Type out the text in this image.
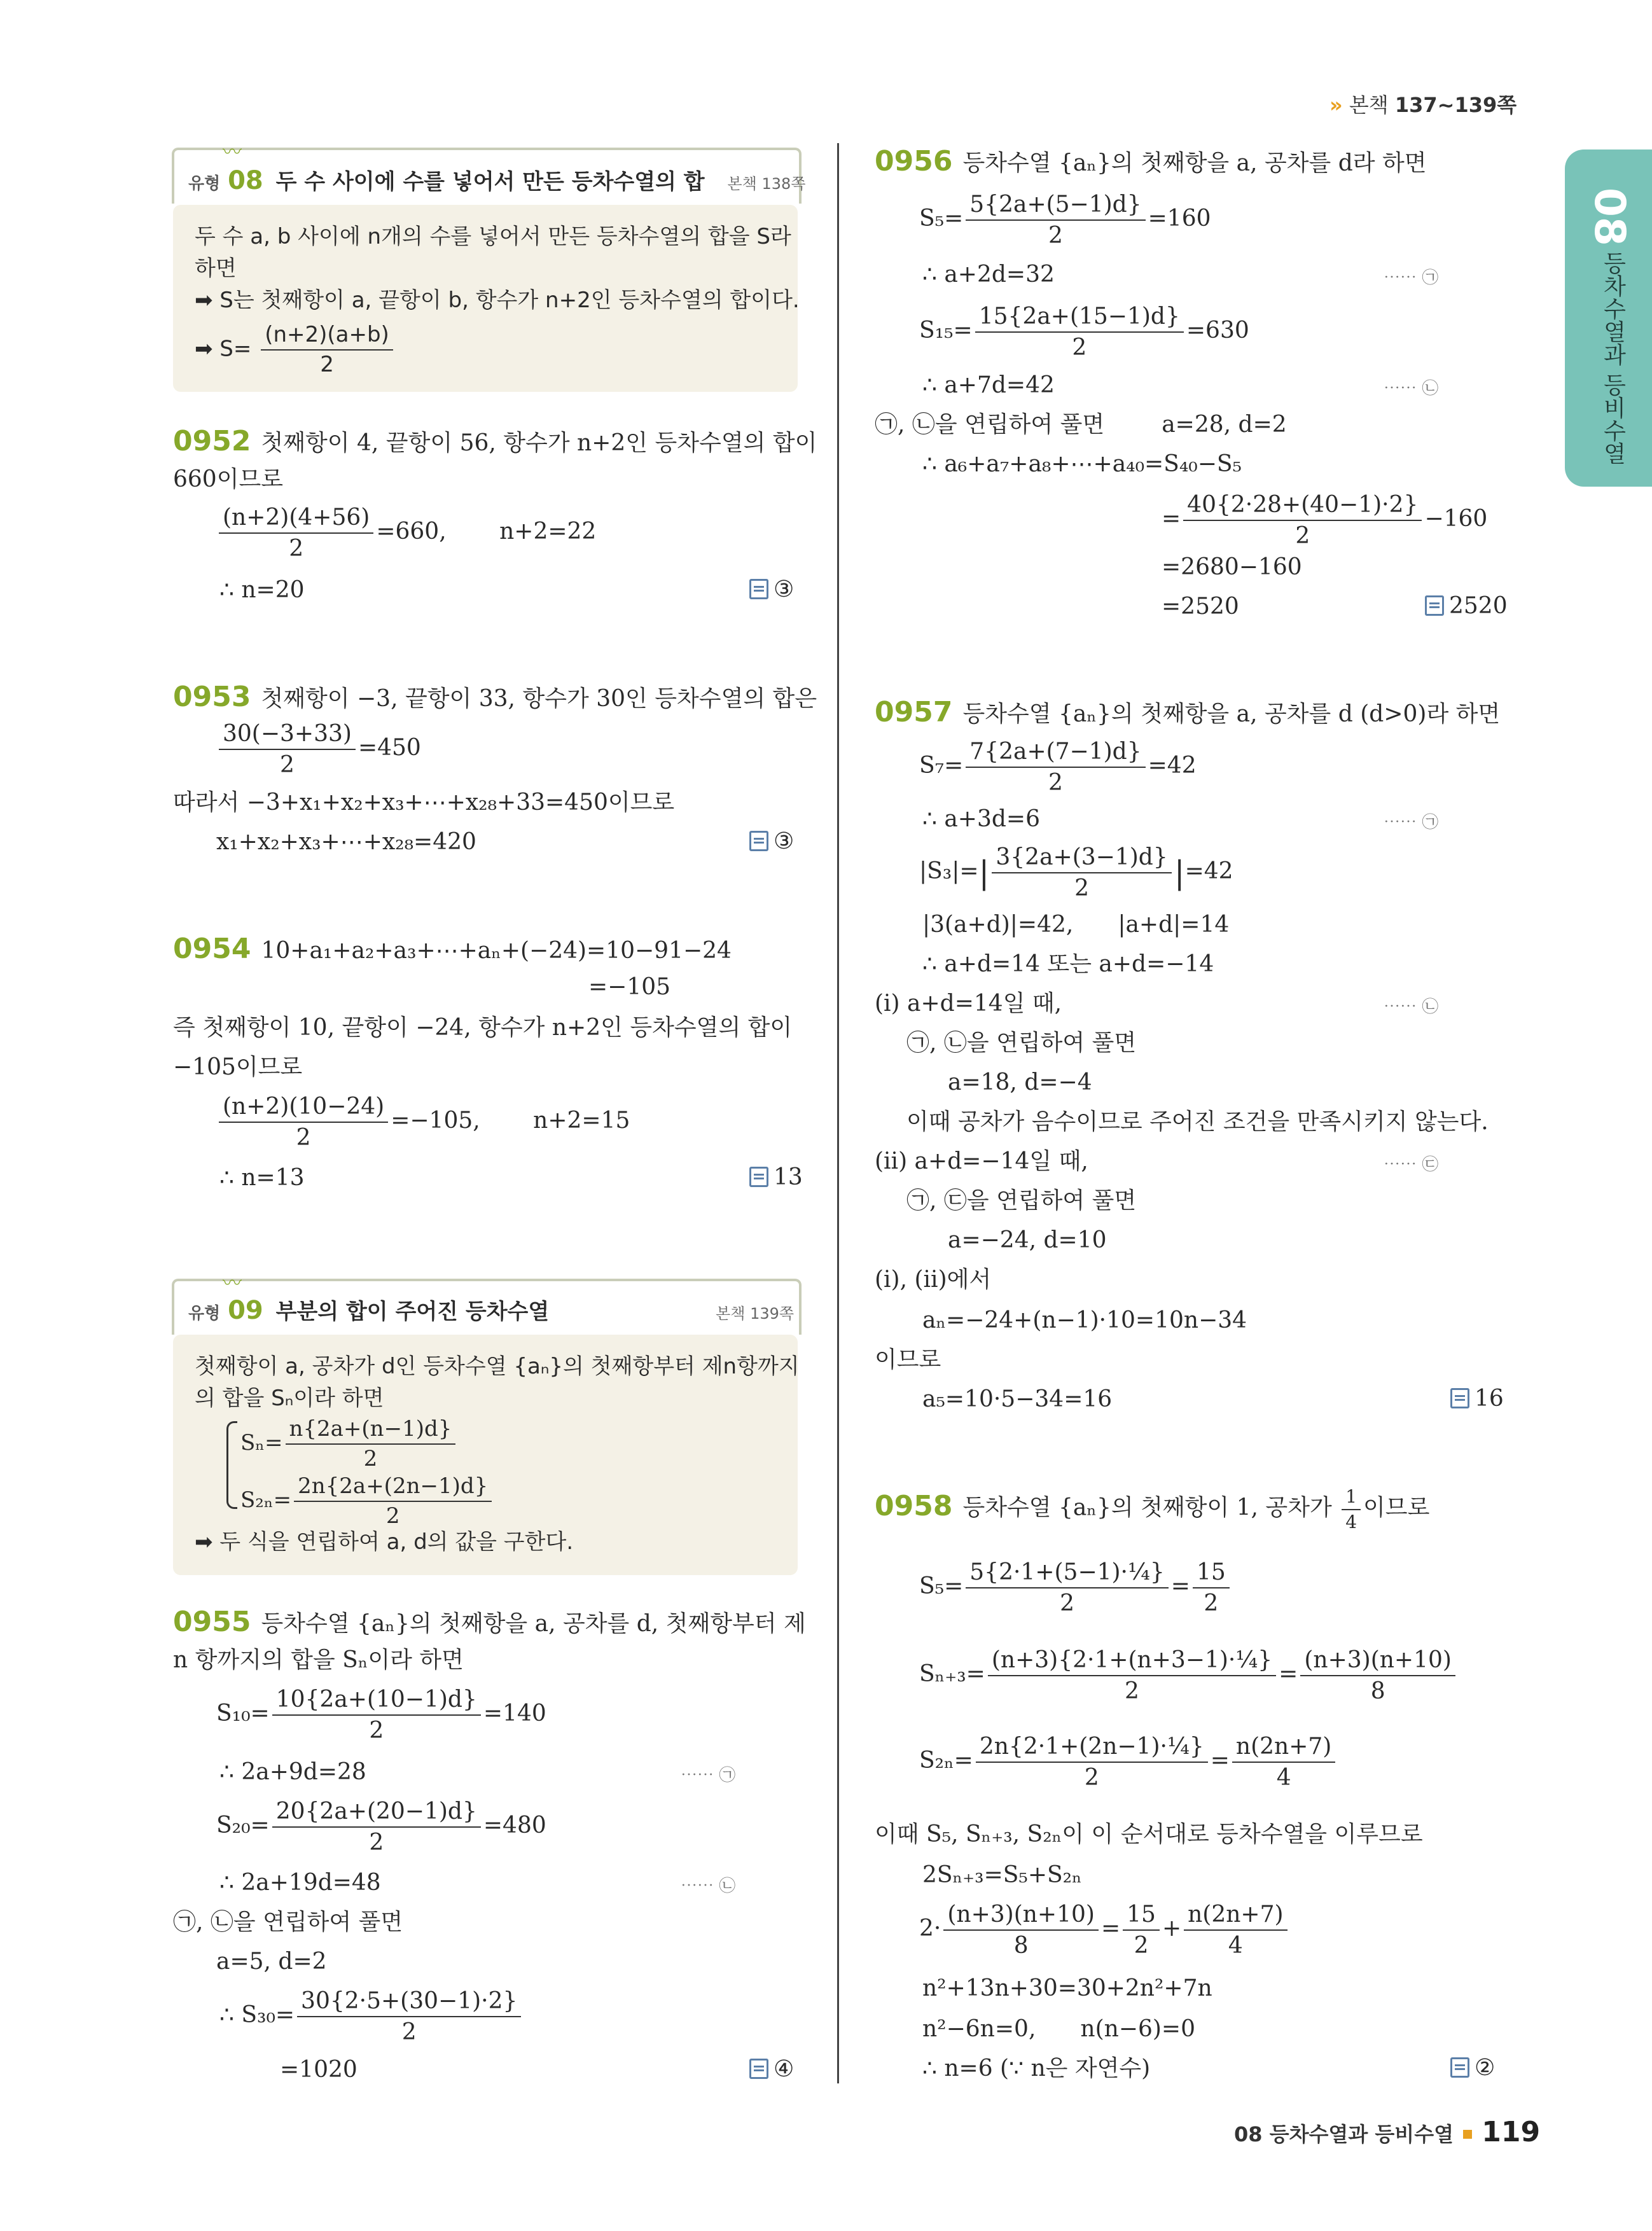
» 본책 137~139쪽
08
등차수열과 등비수열
〰
유형 08 두 수 사이에 수를 넣어서 만든 등차수열의 합 본책 138쪽
두 수 a, b 사이에 n개의 수를 넣어서 만든 등차수열의 합을 S라
하면
➡ S는 첫째항이 a, 끝항이 b, 항수가 n+2인 등차수열의 합이다.
➡ $S= \frac{(n+2)(a+b)}{2}$
0952 첫째항이 4, 끝항이 56, 항수가 n+2인 등차수열의 합이
660이므로
$\frac{(n+2)(4+56)}{2} =660$, n+2=22
∴ n=20	③
0953 첫째항이 −3, 끝항이 33, 항수가 30인 등차수열의 합은
$\frac{30(-3+33)}{2} =450$
따라서 −3+x₁+x₂+x₃+⋯+x₂₈+33=450이므로
x₁+x₂+x₃+⋯+x₂₈=420	③
0954 10+a₁+a₂+a₃+⋯+aₙ+(−24)=10−91−24
=−105
즉 첫째항이 10, 끝항이 −24, 항수가 n+2인 등차수열의 합이
−105이므로
$\frac{(n+2)(10-24)}{2} =-105$, n+2=15
∴ n=13	13
〰
유형 09 부분의 합이 주어진 등차수열	본책 139쪽
첫째항이 a, 공차가 d인 등차수열 {aₙ}의 첫째항부터 제n항까지
의 합을 Sₙ이라 하면
$S_n= \frac{n\{2a+(n-1)d\}}{2}$
$S_{2n}= \frac{2n\{2a+(2n-1)d\}}{2}$
➡ 두 식을 연립하여 a, d의 값을 구한다.
0955 등차수열 {aₙ}의 첫째항을 a, 공차를 d, 첫째항부터 제
n 항까지의 합을 Sₙ이라 하면
$S_{10}= \frac{10\{2a+(10-1)d\}}{2} =140$
∴ 2a+9d=28	⋯⋯ ㉠
$S_{20}= \frac{20\{2a+(20-1)d\}}{2} =480$
∴ 2a+19d=48	⋯⋯ ㉡
㉠, ㉡을 연립하여 풀면
a=5, d=2
∴ $S_{30}= \frac{30\{2\cdot 5+(30-1)\cdot 2\}}{2}$
=1020	④
0956 등차수열 {aₙ}의 첫째항을 a, 공차를 d라 하면
$S_5= \frac{5\{2a+(5-1)d\}}{2} =160$
∴ a+2d=32	⋯⋯ ㉠
$S_{15}= \frac{15\{2a+(15-1)d\}}{2} =630$
∴ a+7d=42	⋯⋯ ㉡
㉠, ㉡을 연립하여 풀면	a=28, d=2
∴ a₆+a₇+a₈+⋯+a₄₀=S₄₀−S₅
= $\frac{40\{2\cdot 28+(40-1)\cdot 2\}}{2} -160$
=2680−160
=2520	2520
0957 등차수열 {aₙ}의 첫째항을 a, 공차를 d (d>0)라 하면
$S_7= \frac{7\{2a+(7-1)d\}}{2} =42$
∴ a+3d=6	⋯⋯ ㉠
$|S_3|=| \frac{3\{2a+(3-1)d\}}{2} |=42$
|3(a+d)|=42, |a+d|=14
∴ a+d=14 또는 a+d=−14
(ⅰ) a+d=14일 때,	⋯⋯ ㉡
㉠, ㉡을 연립하여 풀면
a=18, d=−4
이때 공차가 음수이므로 주어진 조건을 만족시키지 않는다.
(ⅱ) a+d=−14일 때,	⋯⋯ ㉢
㉠, ㉢을 연립하여 풀면
a=−24, d=10
(ⅰ), (ⅱ)에서
aₙ=−24+(n−1)·10=10n−34
이므로
a₅=10·5−34=16	16
0958 등차수열 {aₙ}의 첫째항이 1, 공차가 $\frac{1}{4}$ 이므로
$S_5= \frac{\text{5\{2·1+(5−1)·¼\}}}{2} = \frac{15}{2}$
$S_{n+3}= \frac{\text{(n+3)\{2·1+(n+3−1)·¼\}}}{2} = \frac{(n+3)(n+10)}{8}$
$S_{2n}= \frac{\text{2n\{2·1+(2n−1)·¼\}}}{2} = \frac{n(2n+7)}{4}$
이때 S₅, Sₙ₊₃, S₂ₙ이 이 순서대로 등차수열을 이루므로
2Sₙ₊₃=S₅+S₂ₙ
$2\cdot \frac{(n+3)(n+10)}{8} = \frac{15}{2} + \frac{n(2n+7)}{4}$
n²+13n+30=30+2n²+7n
n²−6n=0, n(n−6)=0
∴ n=6 (∵ n은 자연수)	②
08 등차수열과 등비수열 119
